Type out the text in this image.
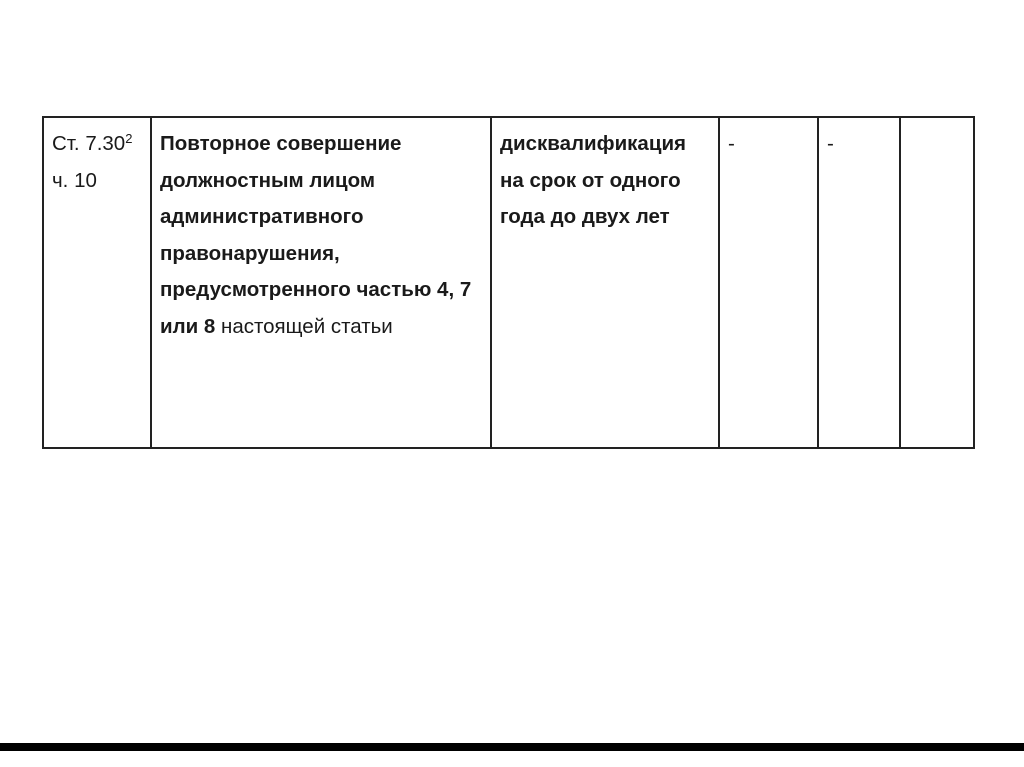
Ст. 7.30$^2$
ч. 10	Повторное совершение должностным лицом административного правонарушения, предусмотренного частью 4, 7 или 8 настоящей статьи	дисквалификация на срок от одного года до двух лет	-	-	
